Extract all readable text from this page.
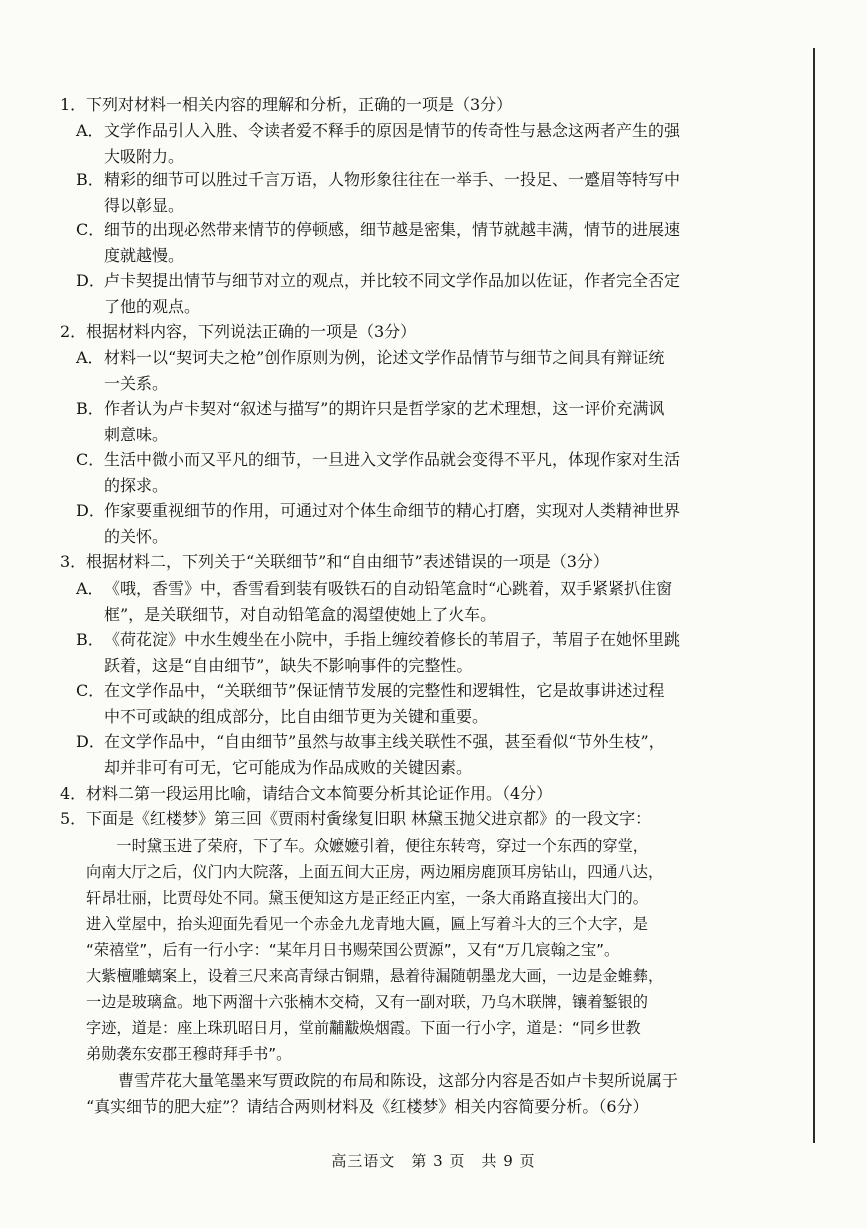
1．下列对材料一相关内容的理解和分析，正确的一项是（3分）
A． 文学作品引人入胜、令读者爱不释手的原因是情节的传奇性与悬念这两者产生的强
大吸附力。
B． 精彩的细节可以胜过千言万语，人物形象往往在一举手、一投足、一蹙眉等特写中
得以彰显。
C． 细节的出现必然带来情节的停顿感，细节越是密集，情节就越丰满，情节的进展速
度就越慢。
D． 卢卡契提出情节与细节对立的观点，并比较不同文学作品加以佐证，作者完全否定
了他的观点。
2．根据材料内容，下列说法正确的一项是（3分）
A． 材料一以“契诃夫之枪”创作原则为例，论述文学作品情节与细节之间具有辩证统
一关系。
B． 作者认为卢卡契对“叙述与描写”的期许只是哲学家的艺术理想，这一评价充满讽
刺意味。
C． 生活中微小而又平凡的细节，一旦进入文学作品就会变得不平凡，体现作家对生活
的探求。
D． 作家要重视细节的作用，可通过对个体生命细节的精心打磨，实现对人类精神世界
的关怀。
3．根据材料二，下列关于“关联细节”和“自由细节”表述错误的一项是（3分）
A． 《哦，香雪》中，香雪看到装有吸铁石的自动铅笔盒时“心跳着，双手紧紧扒住窗
框”，是关联细节，对自动铅笔盒的渴望使她上了火车。
B． 《荷花淀》中水生嫂坐在小院中，手指上缠绞着修长的苇眉子，苇眉子在她怀里跳
跃着，这是“自由细节”，缺失不影响事件的完整性。
C． 在文学作品中，“关联细节”保证情节发展的完整性和逻辑性，它是故事讲述过程
中不可或缺的组成部分，比自由细节更为关键和重要。
D． 在文学作品中，“自由细节”虽然与故事主线关联性不强，甚至看似“节外生枝”，
却并非可有可无，它可能成为作品成败的关键因素。
4．材料二第一段运用比喻，请结合文本简要分析其论证作用。（4分）
5．下面是《红楼梦》第三回《贾雨村夤缘复旧职 林黛玉抛父进京都》的一段文字：
　　一时黛玉进了荣府，下了车。众嬷嬷引着，便往东转弯，穿过一个东西的穿堂，
向南大厅之后，仪门内大院落，上面五间大正房，两边厢房鹿顶耳房钻山，四通八达，
轩昂壮丽，比贾母处不同。黛玉便知这方是正经正内室，一条大甬路直接出大门的。
进入堂屋中，抬头迎面先看见一个赤金九龙青地大匾，匾上写着斗大的三个大字，是
“荣禧堂”，后有一行小字：“某年月日书赐荣国公贾源”，又有“万几宸翰之宝”。
大紫檀雕螭案上，设着三尺来高青绿古铜鼎，悬着待漏随朝墨龙大画，一边是金蜼彝，
一边是玻璃盒。地下两溜十六张楠木交椅，又有一副对联，乃乌木联牌，镶着錾银的
字迹，道是：座上珠玑昭日月，堂前黼黻焕烟霞。下面一行小字，道是：“同乡世教
弟勋袭东安郡王穆莳拜手书”。
　　曹雪芹花大量笔墨来写贾政院的布局和陈设，这部分内容是否如卢卡契所说属于
“真实细节的肥大症”？请结合两则材料及《红楼梦》相关内容简要分析。（6分）
高三语文　第 3 页　共 9 页
